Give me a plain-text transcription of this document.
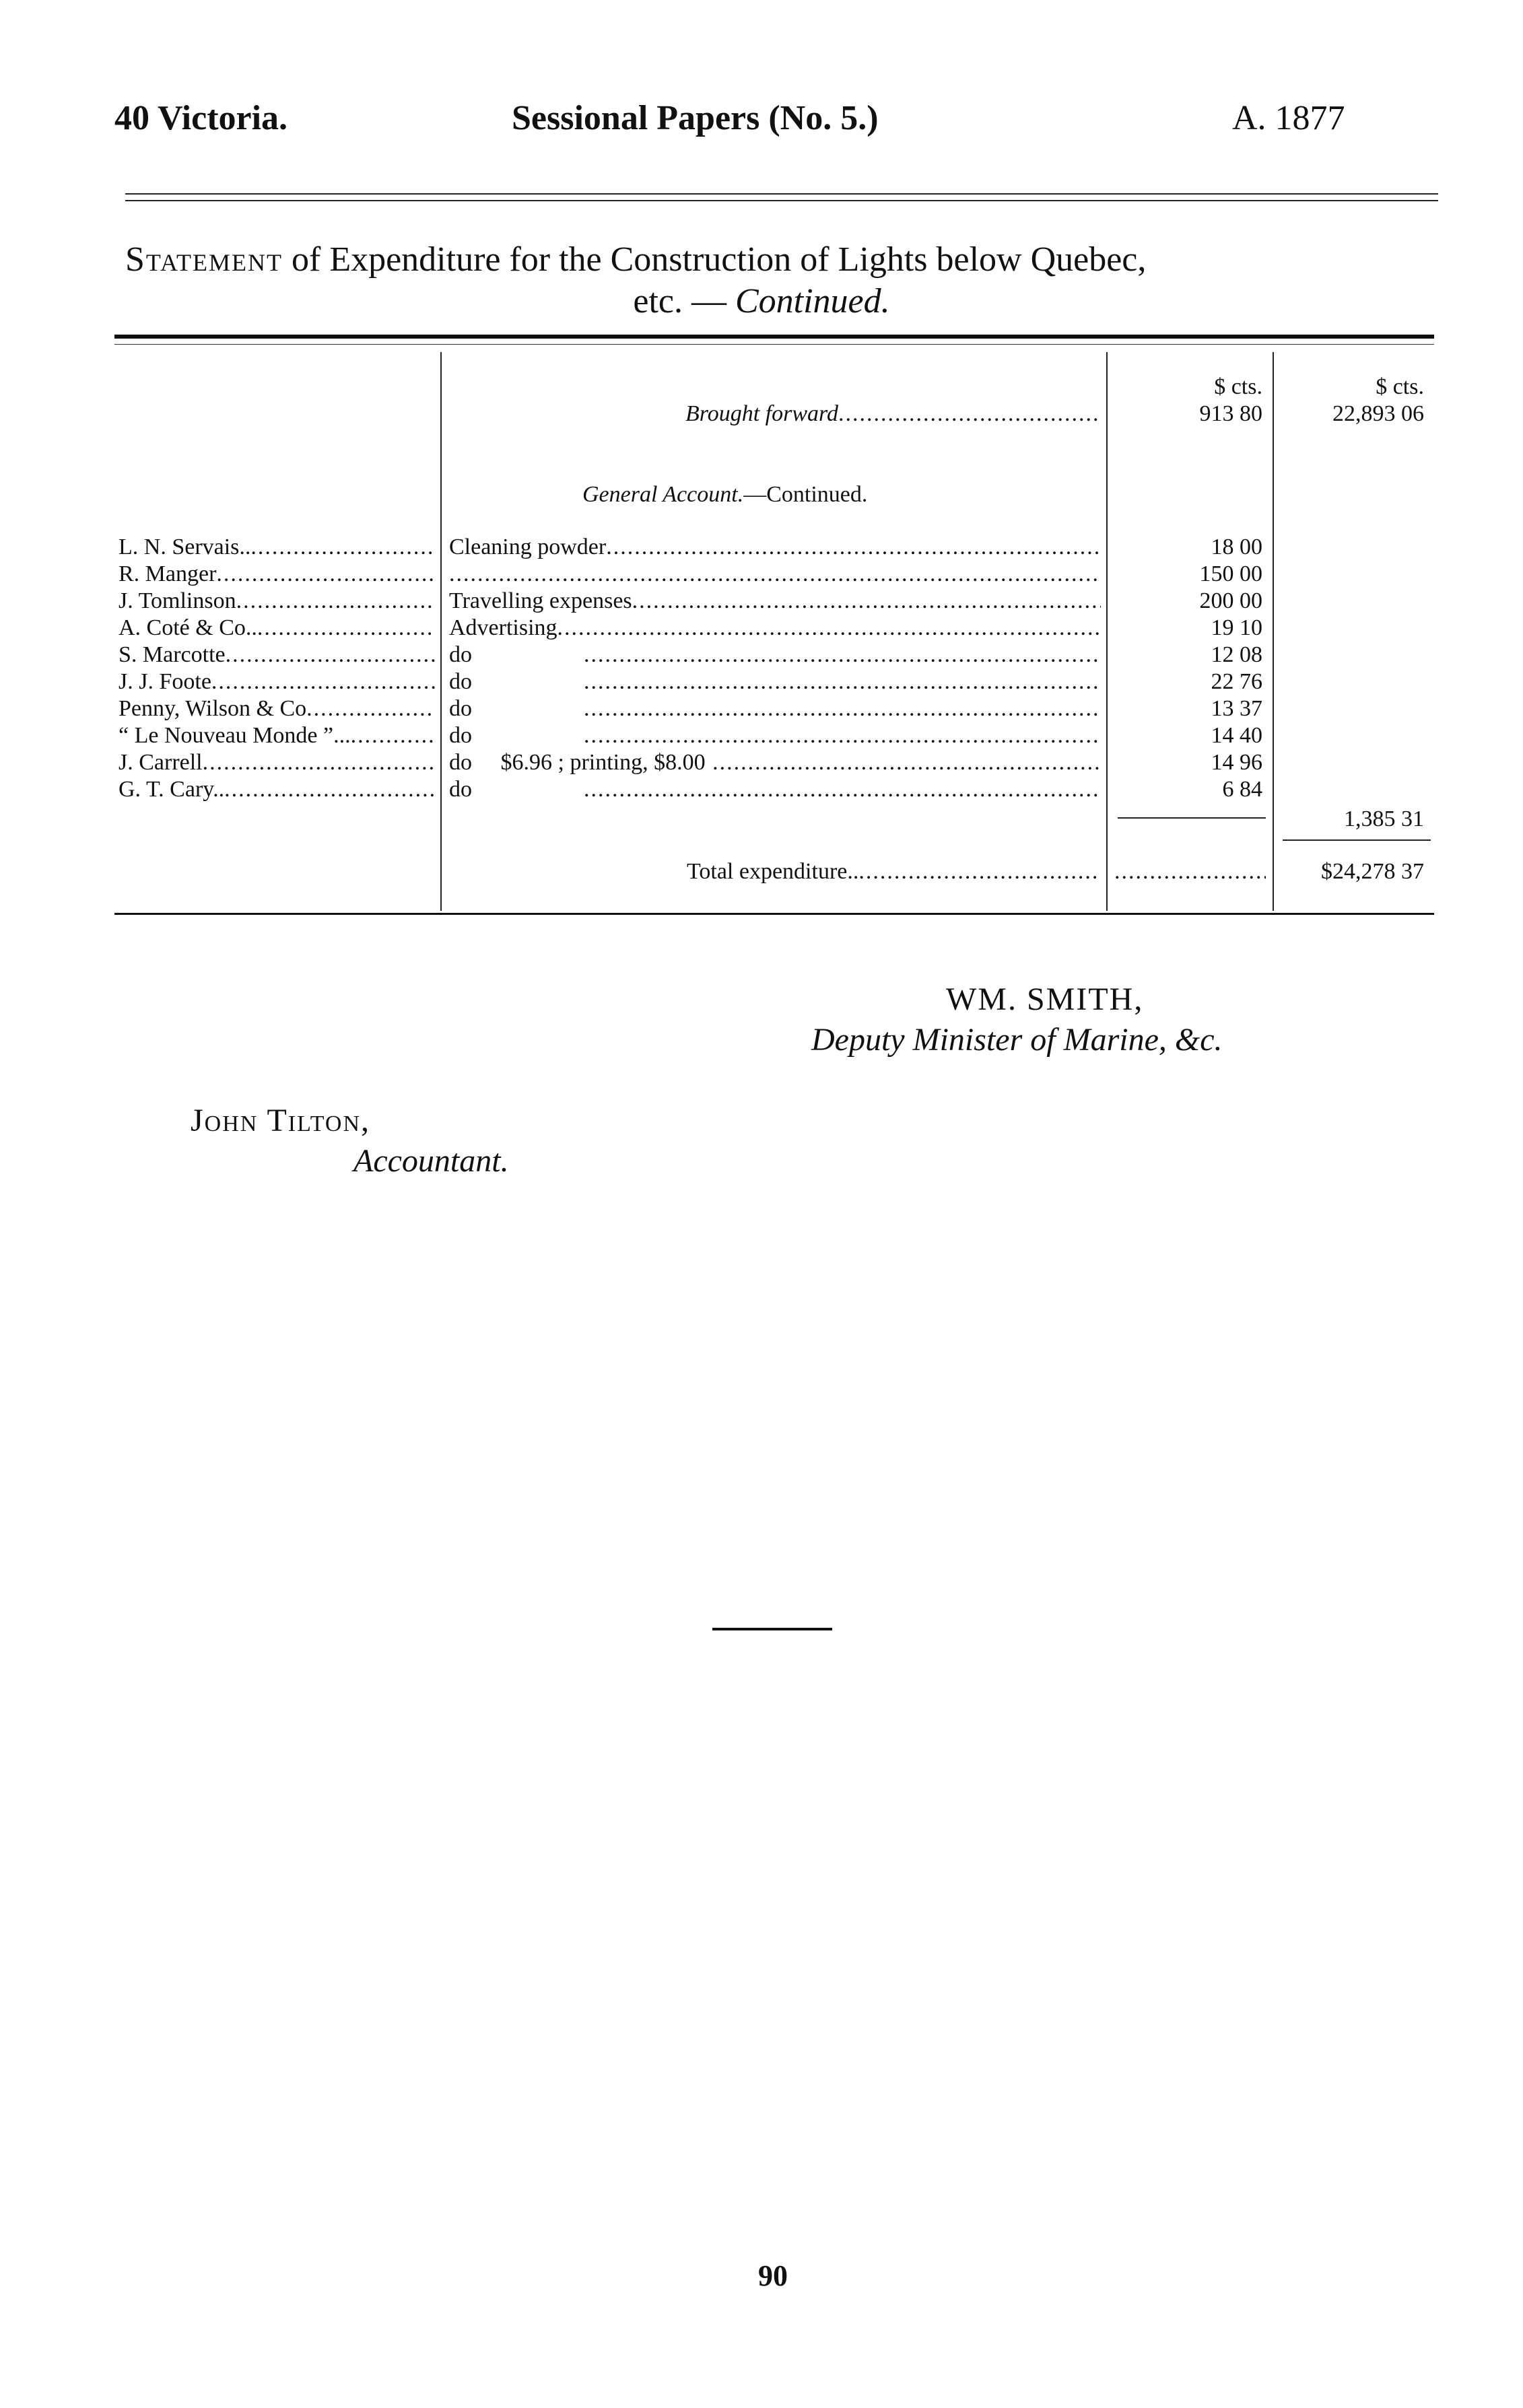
40 Victoria.	Sessional Papers (No. 5.)	A. 1877
Statement of Expenditure for the Construction of Lights below Quebec,
etc. — Continued.
$ cts.	$ cts.
Brought forward .....	913 80	22,893 06
General Account.—Continued.
L. N. Servais.. .....	Cleaning powder .....	18 00
R. Manger ..... .....	150 00
J. Tomlinson .....	Travelling expenses .....	200 00
A. Coté & Co.. .....	Advertising .....	19 10
S. Marcotte .....	do .....	12 08
J. J. Foote .....	do .....	22 76
Penny, Wilson & Co .....	do .....	13 37
“ Le Nouveau Monde ”... .....	do .....	14 40
J. Carrell .....	do     $6.96 ; printing, $8.00 .....	14 96
G. T. Cary.. .....	do .....	6 84
1,385 31
Total expenditure.. ..... .....	$24,278 37
WM. SMITH,
Deputy Minister of Marine, &c.
John Tilton,
Accountant.
90
